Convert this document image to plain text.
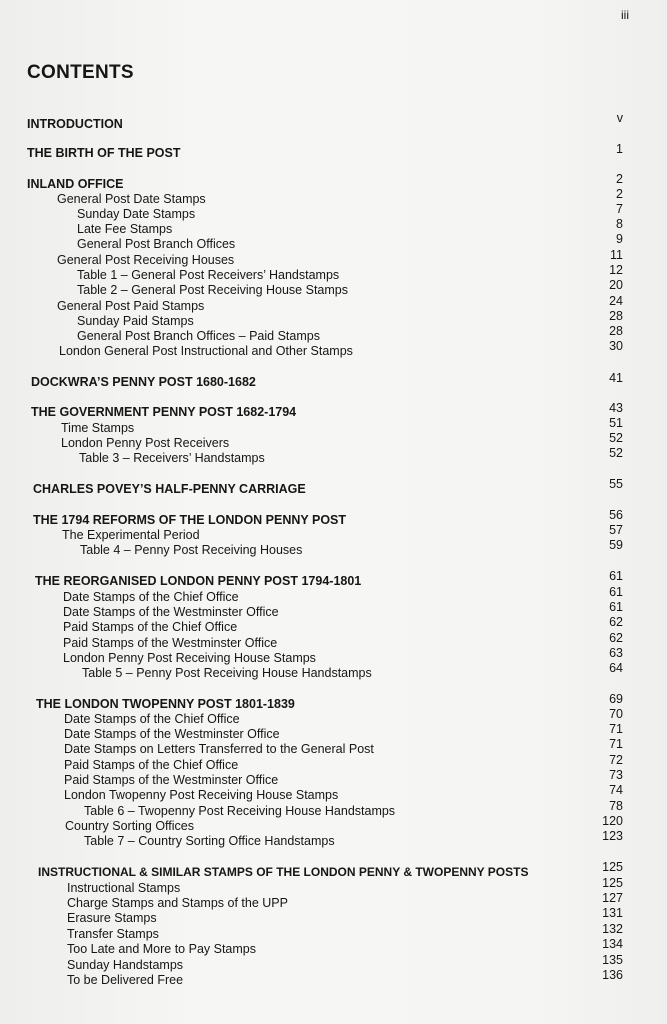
iii
CONTENTS
INTRODUCTION	v
THE BIRTH OF THE POST	1
INLAND OFFICE	2
General Post Date Stamps	2
Sunday Date Stamps	7
Late Fee Stamps	8
General Post Branch Offices	9
General Post Receiving Houses	11
Table 1 – General Post Receivers’ Handstamps	12
Table 2 – General Post Receiving House Stamps	20
General Post Paid Stamps	24
Sunday Paid Stamps	28
General Post Branch Offices – Paid Stamps	28
London General Post Instructional and Other Stamps	30
DOCKWRA’S PENNY POST 1680-1682	41
THE GOVERNMENT PENNY POST 1682-1794	43
Time Stamps	51
London Penny Post Receivers	52
Table 3 – Receivers’ Handstamps	52
CHARLES POVEY’S HALF-PENNY CARRIAGE	55
THE 1794 REFORMS OF THE LONDON PENNY POST	56
The Experimental Period	57
Table 4 – Penny Post Receiving Houses	59
THE REORGANISED LONDON PENNY POST 1794-1801	61
Date Stamps of the Chief Office	61
Date Stamps of the Westminster Office	61
Paid Stamps of the Chief Office	62
Paid Stamps of the Westminster Office	62
London Penny Post Receiving House Stamps	63
Table 5 – Penny Post Receiving House Handstamps	64
THE LONDON TWOPENNY POST 1801-1839	69
Date Stamps of the Chief Office	70
Date Stamps of the Westminster Office	71
Date Stamps on Letters Transferred to the General Post	71
Paid Stamps of the Chief Office	72
Paid Stamps of the Westminster Office	73
London Twopenny Post Receiving House Stamps	74
Table 6 – Twopenny Post Receiving House Handstamps	78
Country Sorting Offices	120
Table 7 – Country Sorting Office Handstamps	123
INSTRUCTIONAL & SIMILAR STAMPS OF THE LONDON PENNY & TWOPENNY POSTS	125
Instructional Stamps	125
Charge Stamps and Stamps of the UPP	127
Erasure Stamps	131
Transfer Stamps	132
Too Late and More to Pay Stamps	134
Sunday Handstamps	135
To be Delivered Free	136
